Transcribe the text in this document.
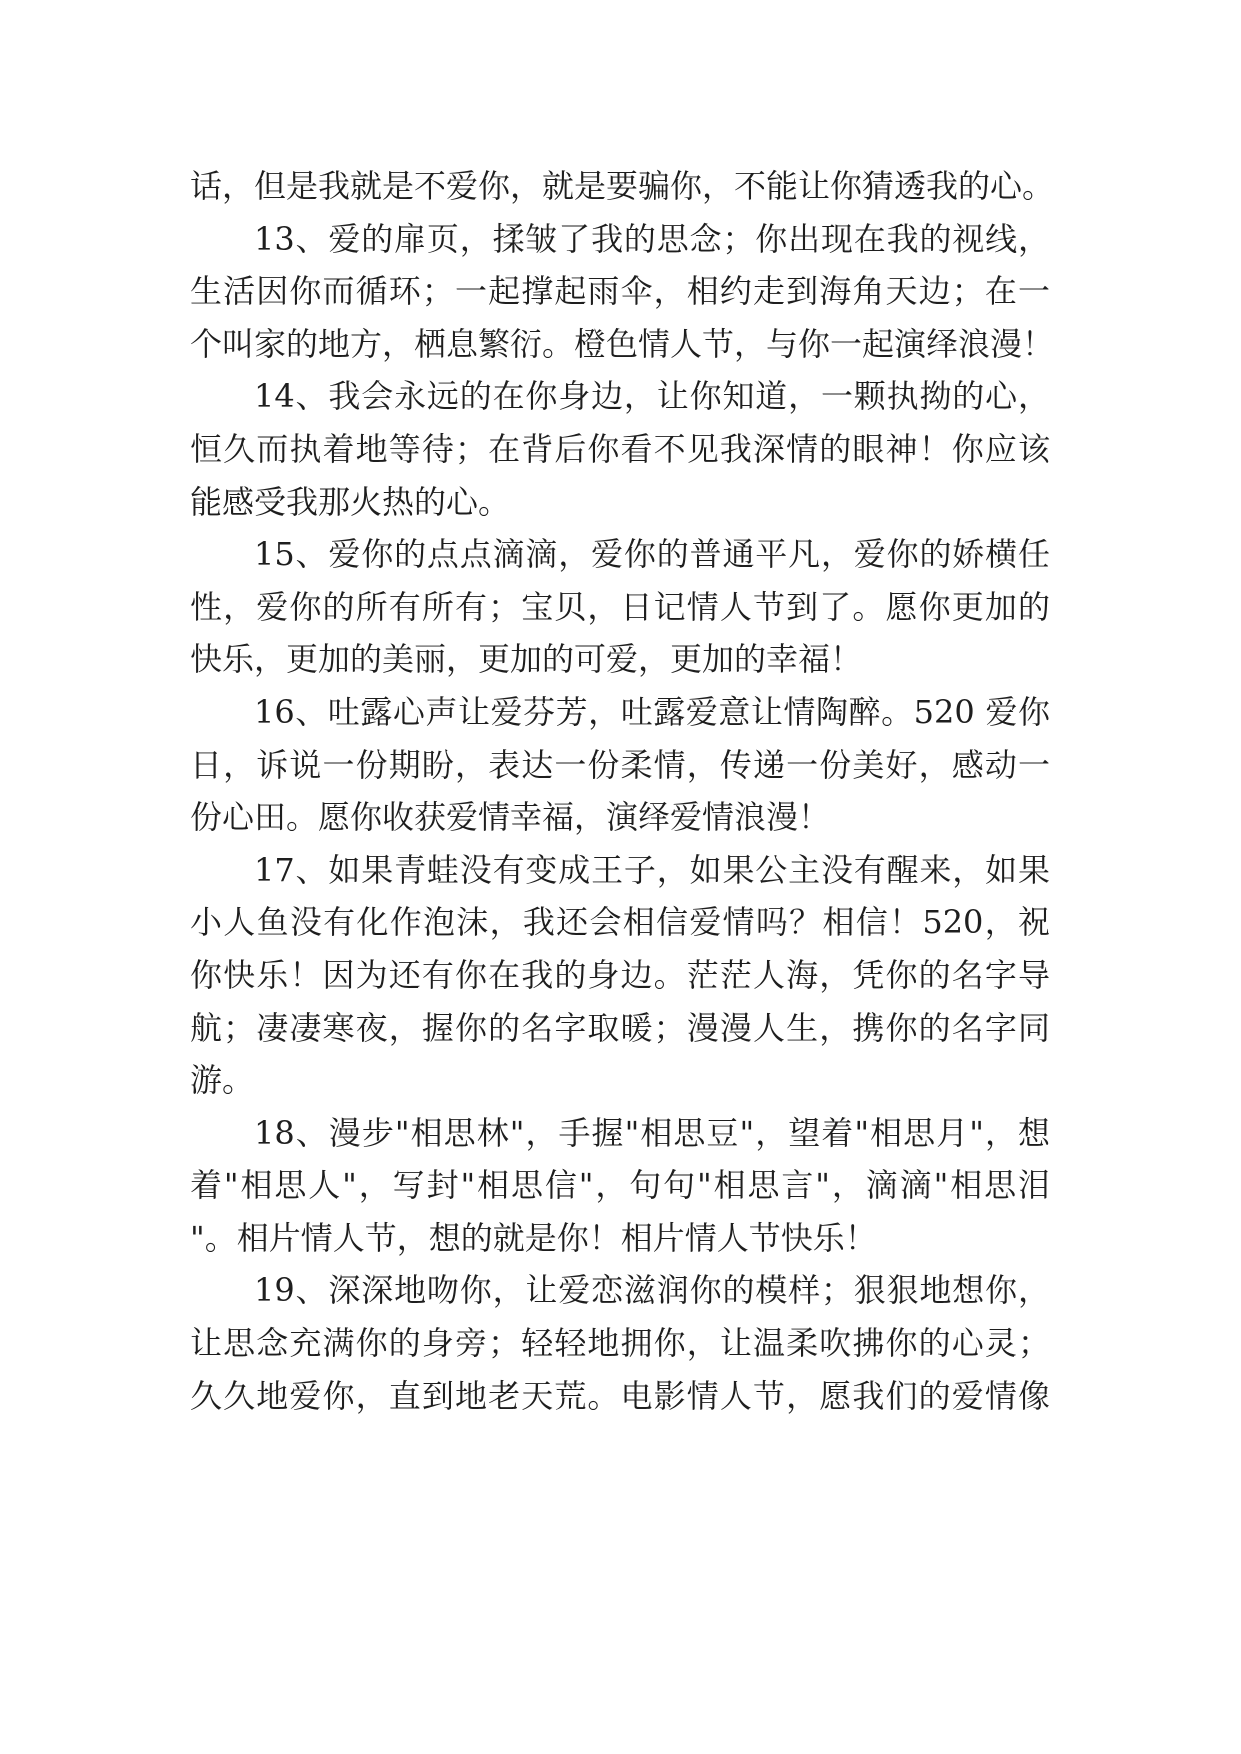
话，但是我就是不爱你，就是要骗你，不能让你猜透我的心。
13、爱的扉页，揉皱了我的思念；你出现在我的视线，
生活因你而循环；一起撑起雨伞，相约走到海角天边；在一
个叫家的地方，栖息繁衍。橙色情人节，与你一起演绎浪漫！
14、我会永远的在你身边，让你知道，一颗执拗的心，
恒久而执着地等待；在背后你看不见我深情的眼神！你应该
能感受我那火热的心。
15、爱你的点点滴滴，爱你的普通平凡，爱你的娇横任
性，爱你的所有所有；宝贝，日记情人节到了。愿你更加的
快乐，更加的美丽，更加的可爱，更加的幸福！
16、吐露心声让爱芬芳，吐露爱意让情陶醉。520 爱你
日，诉说一份期盼，表达一份柔情，传递一份美好，感动一
份心田。愿你收获爱情幸福，演绎爱情浪漫！
17、如果青蛙没有变成王子，如果公主没有醒来，如果
小人鱼没有化作泡沫，我还会相信爱情吗？相信！520，祝
你快乐！因为还有你在我的身边。茫茫人海，凭你的名字导
航；凄凄寒夜，握你的名字取暖；漫漫人生，携你的名字同
游。
18、漫步"相思林"，手握"相思豆"，望着"相思月"，想
着"相思人"，写封"相思信"，句句"相思言"，滴滴"相思泪
"。相片情人节，想的就是你！相片情人节快乐！
19、深深地吻你，让爱恋滋润你的模样；狠狠地想你，
让思念充满你的身旁；轻轻地拥你，让温柔吹拂你的心灵；
久久地爱你，直到地老天荒。电影情人节，愿我们的爱情像
